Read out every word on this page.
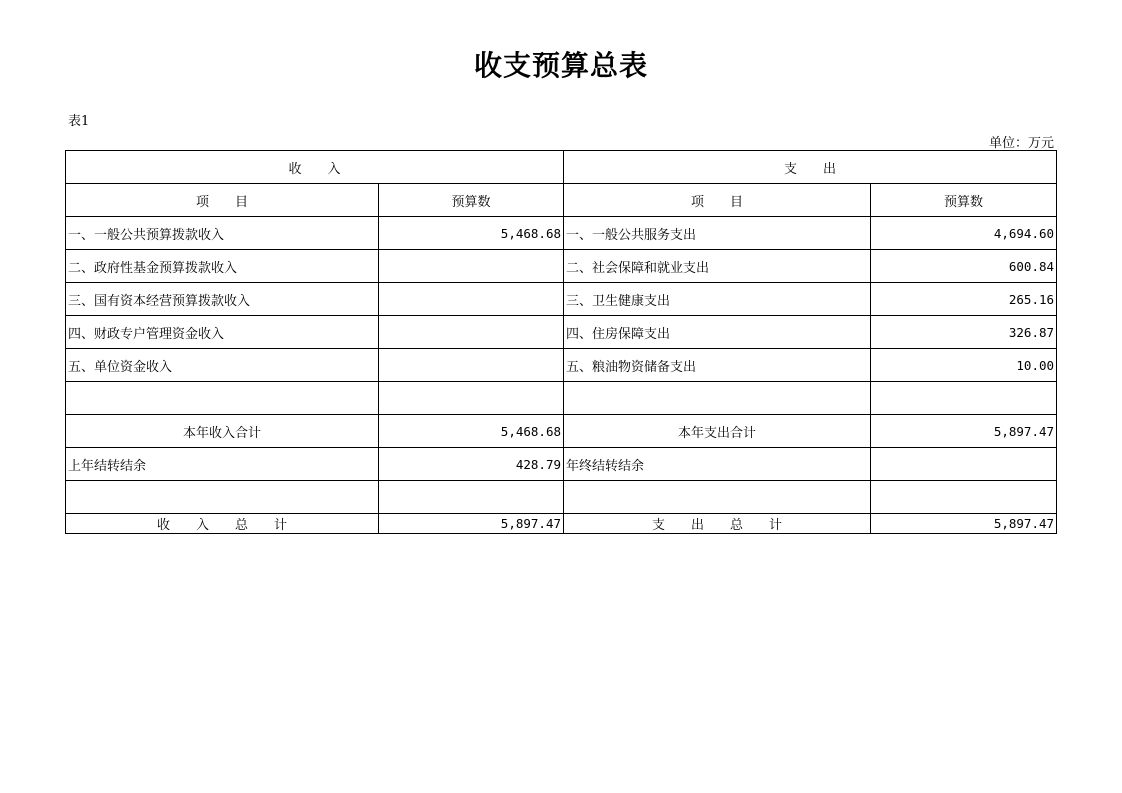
收支预算总表
表1
单位：万元
收　　入		支　　出	
项　　目	预算数	项　　目	预算数
一、一般公共预算拨款收入	5,468.68	一、一般公共服务支出	4,694.60
二、政府性基金预算拨款收入		二、社会保障和就业支出	600.84
三、国有资本经营预算拨款收入		三、卫生健康支出	265.16
四、财政专户管理资金收入		四、住房保障支出	326.87
五、单位资金收入		五、粮油物资储备支出	10.00

本年收入合计	5,468.68	本年支出合计	5,897.47
上年结转结余	428.79	年终结转结余	

收　　入　　总　　计	5,897.47	支　　出　　总　　计	5,897.47
